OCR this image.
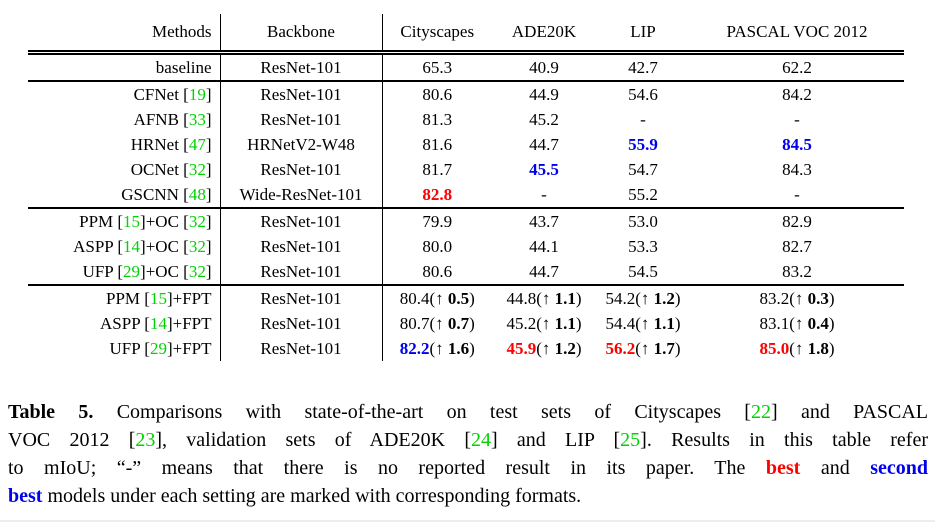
Methods	Backbone	Cityscapes	ADE20K	LIP	PASCAL VOC 2012
baseline	ResNet-101	65.3	40.9	42.7	62.2
CFNet [19]	ResNet-101	80.6	44.9	54.6	84.2
AFNB [33]	ResNet-101	81.3	45.2	-	-
HRNet [47]	HRNetV2-W48	81.6	44.7	55.9	84.5
OCNet [32]	ResNet-101	81.7	45.5	54.7	84.3
GSCNN [48]	Wide-ResNet-101	82.8	-	55.2	-
PPM [15]+OC [32]	ResNet-101	79.9	43.7	53.0	82.9
ASPP [14]+OC [32]	ResNet-101	80.0	44.1	53.3	82.7
UFP [29]+OC [32]	ResNet-101	80.6	44.7	54.5	83.2
PPM [15]+FPT	ResNet-101	80.4(↑ 0.5)	44.8(↑ 1.1)	54.2(↑ 1.2)	83.2(↑ 0.3)
ASPP [14]+FPT	ResNet-101	80.7(↑ 0.7)	45.2(↑ 1.1)	54.4(↑ 1.1)	83.1(↑ 0.4)
UFP [29]+FPT	ResNet-101	82.2(↑ 1.6)	45.9(↑ 1.2)	56.2(↑ 1.7)	85.0(↑ 1.8)
Table 5. Comparisons with state-of-the-art on test sets of Cityscapes [22] and PASCAL
VOC 2012 [23], validation sets of ADE20K [24] and LIP [25]. Results in this table refer
to mIoU; “-” means that there is no reported result in its paper. The best and second
best models under each setting are marked with corresponding formats.
